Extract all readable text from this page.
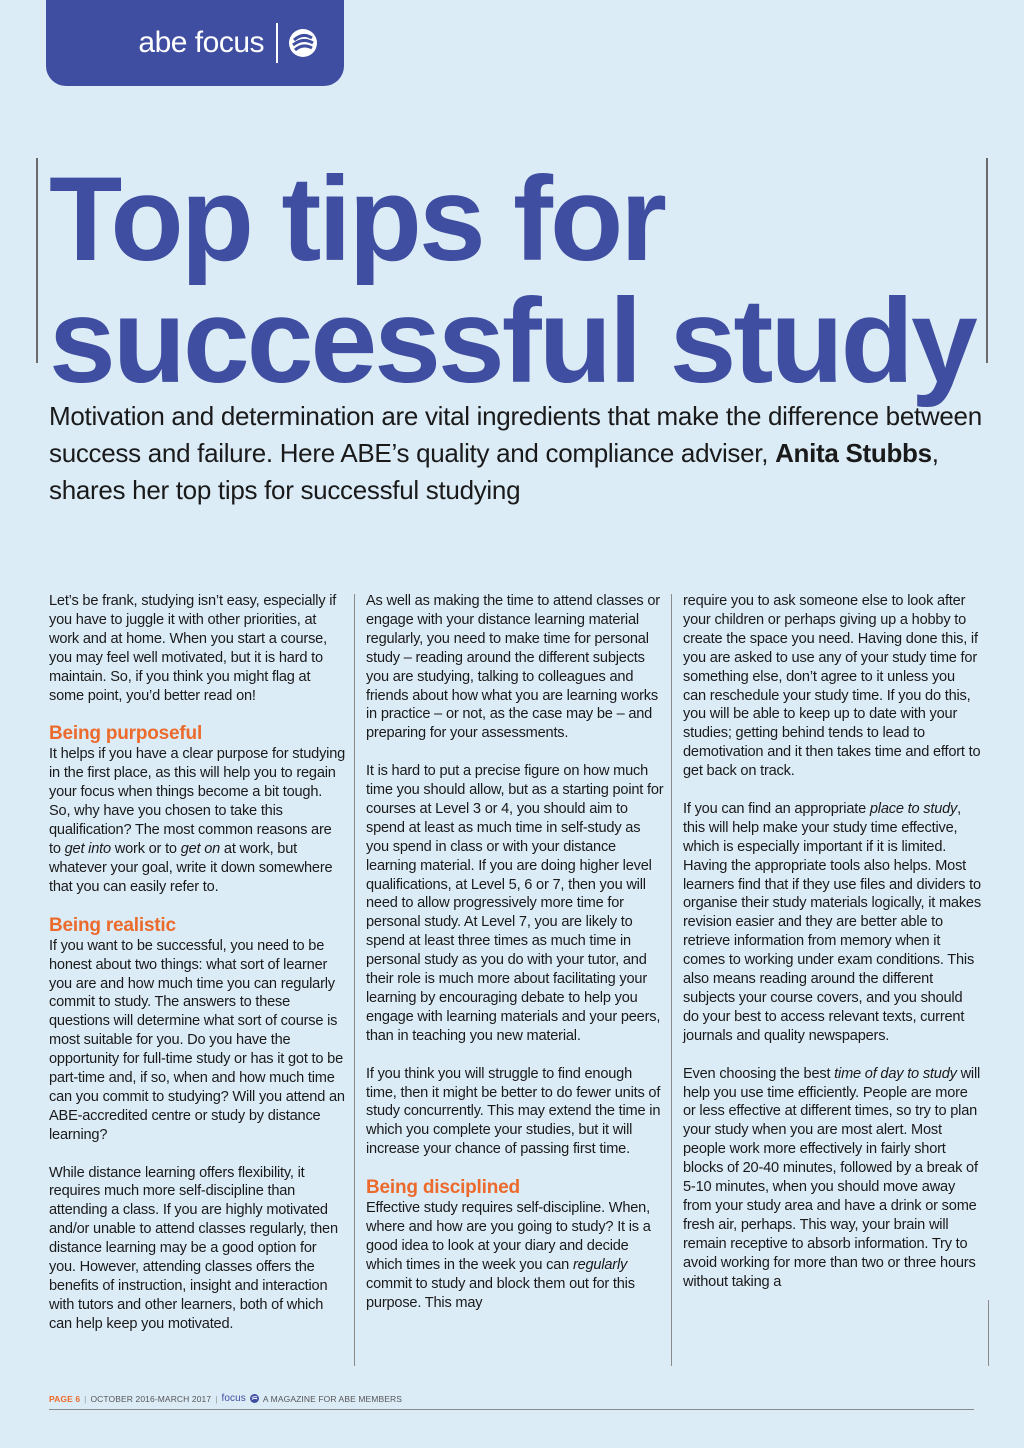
abe focus
Top tips for
successful study

Motivation and determination are vital ingredients that make the difference between success and failure. Here ABE’s quality and compliance adviser, Anita Stubbs, shares her top tips for successful studying

Let’s be frank, studying isn’t easy, especially if you have to juggle it with other priorities, at work and at home. When you start a course, you may feel well motivated, but it is hard to maintain. So, if you think you might flag at some point, you’d better read on!

Being purposeful

It helps if you have a clear purpose for studying in the first place, as this will help you to regain your focus when things become a bit tough. So, why have you chosen to take this qualification? The most common reasons are to get into work or to get on at work, but whatever your goal, write it down somewhere that you can easily refer to.

Being realistic

If you want to be successful, you need to be honest about two things: what sort of learner you are and how much time you can regularly commit to study. The answers to these questions will determine what sort of course is most suitable for you. Do you have the opportunity for full-time study or has it got to be part-time and, if so, when and how much time can you commit to studying? Will you attend an ABE-accredited centre or study by distance learning?

While distance learning offers flexibility, it requires much more self-discipline than attending a class. If you are highly motivated and/or unable to attend classes regularly, then distance learning may be a good option for you. However, attending classes offers the benefits of instruction, insight and interaction with tutors and other learners, both of which can help keep you motivated.

As well as making the time to attend classes or engage with your distance learning material regularly, you need to make time for personal study – reading around the different subjects you are studying, talking to colleagues and friends about how what you are learning works in practice – or not, as the case may be – and preparing for your assessments.

It is hard to put a precise figure on how much time you should allow, but as a starting point for courses at Level 3 or 4, you should aim to spend at least as much time in self-study as you spend in class or with your distance learning material. If you are doing higher level qualifications, at Level 5, 6 or 7, then you will need to allow progressively more time for personal study. At Level 7, you are likely to spend at least three times as much time in personal study as you do with your tutor, and their role is much more about facilitating your learning by encouraging debate to help you engage with learning materials and your peers, than in teaching you new material.

If you think you will struggle to find enough time, then it might be better to do fewer units of study concurrently. This may extend the time in which you complete your studies, but it will increase your chance of passing first time.

Being disciplined

Effective study requires self-discipline. When, where and how are you going to study? It is a good idea to look at your diary and decide which times in the week you can regularly commit to study and block them out for this purpose. This may

require you to ask someone else to look after your children or perhaps giving up a hobby to create the space you need. Having done this, if you are asked to use any of your study time for something else, don’t agree to it unless you can reschedule your study time. If you do this, you will be able to keep up to date with your studies; getting behind tends to lead to demotivation and it then takes time and effort to get back on track.

If you can find an appropriate place to study, this will help make your study time effective, which is especially important if it is limited. Having the appropriate tools also helps. Most learners find that if they use files and dividers to organise their study materials logically, it makes revision easier and they are better able to retrieve information from memory when it comes to working under exam conditions. This also means reading around the different subjects your course covers, and you should do your best to access relevant texts, current journals and quality newspapers.

Even choosing the best time of day to study will help you use time efficiently. People are more or less effective at different times, so try to plan your study when you are most alert. Most people work more effectively in fairly short blocks of 20-40 minutes, followed by a break of 5-10 minutes, when you should move away from your study area and have a drink or some fresh air, perhaps. This way, your brain will remain receptive to absorb information. Try to avoid working for more than two or three hours without taking a

PAGE 6 | OCTOBER 2016-MARCH 2017 | focus A MAGAZINE FOR ABE MEMBERS
